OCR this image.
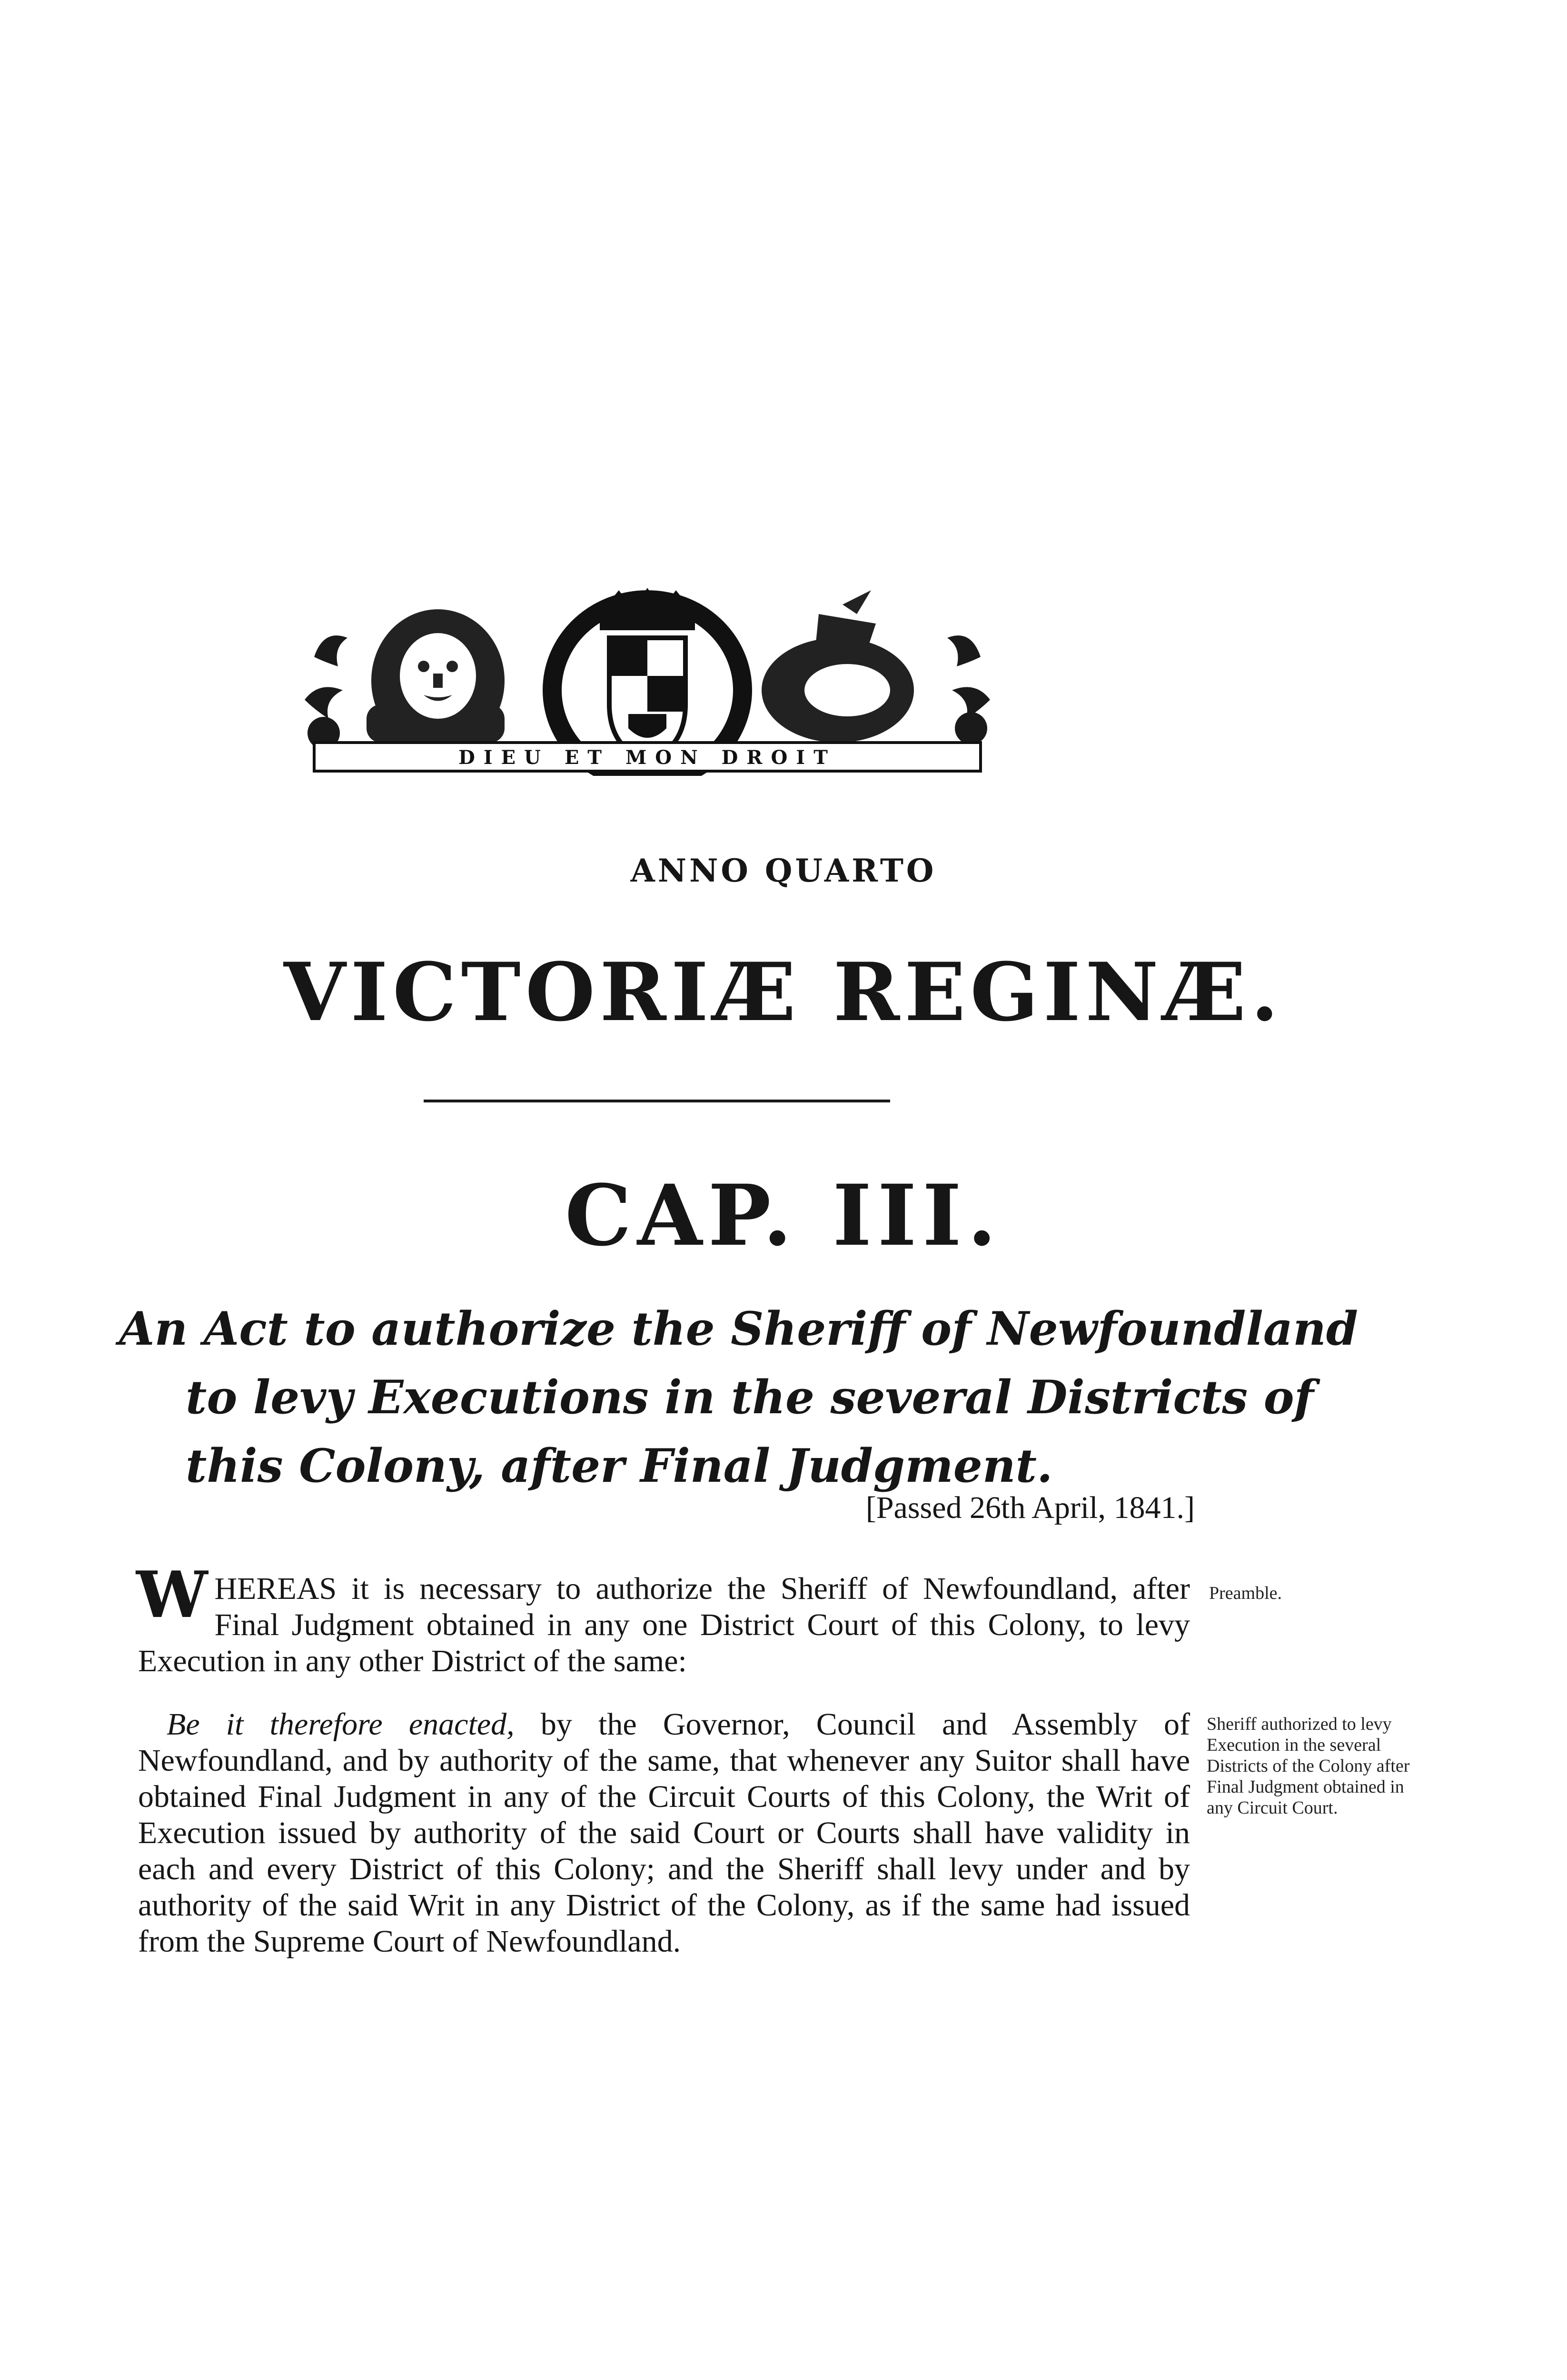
DIEU ET MON DROIT
ANNO QUARTO
VICTORIÆ REGINÆ.
CAP. III.
An Act to authorize the Sheriff of Newfoundland
to levy Executions in the several Districts of
this Colony, after Final Judgment.
[Passed 26th April, 1841.]
WHEREAS it is necessary to authorize the Sheriff of Newfoundland, after Final Judgment obtained in any one District Court of this Colony, to levy Execution in any other District of the same:
Preamble.
Be it therefore enacted, by the Governor, Council and Assembly of Newfoundland, and by authority of the same, that whenever any Suitor shall have obtained Final Judgment in any of the Circuit Courts of this Colony, the Writ of Execution issued by authority of the said Court or Courts shall have validity in each and every District of this Colony; and the Sheriff shall levy under and by authority of the said Writ in any District of the Colony, as if the same had issued from the Supreme Court of Newfoundland.
Sheriff authorized to levy Execution in the several Districts of the Colony after Final Judgment obtained in any Circuit Court.
